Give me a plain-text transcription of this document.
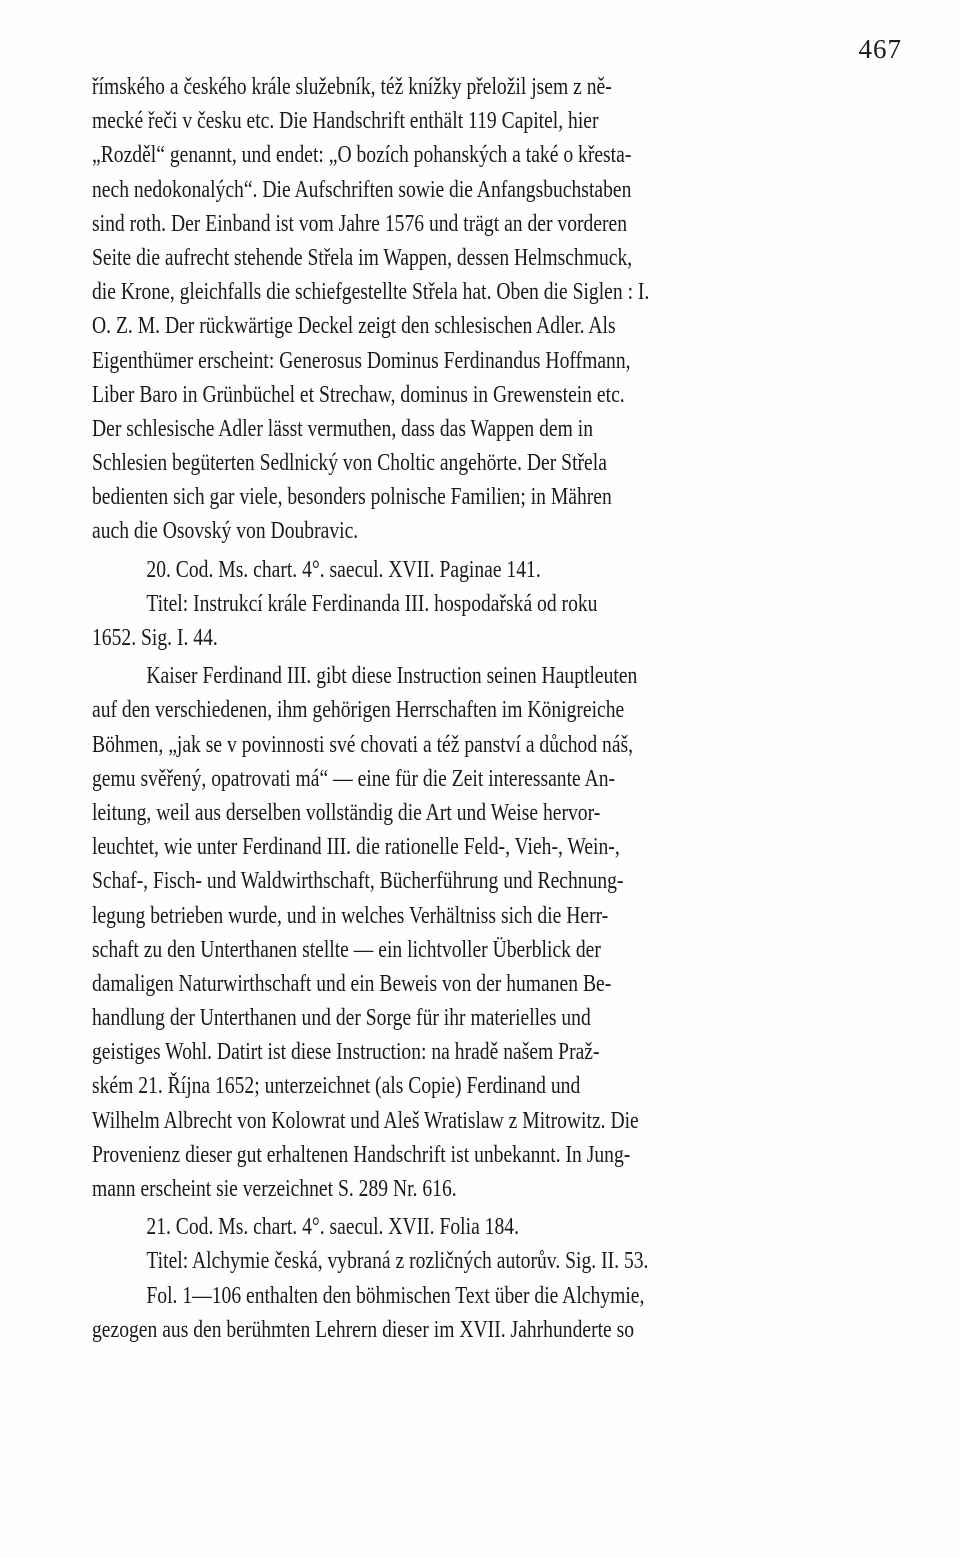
467
římského a českého krále služebník, též knížky přeložil jsem z ně-
mecké řeči v česku etc. Die Handschrift enthält 119 Capitel, hier
„Rozděl“ genannt, und endet: „O bozích pohanských a také o křesta-
nech nedokonalých“. Die Aufschriften sowie die Anfangsbuchstaben
sind roth. Der Einband ist vom Jahre 1576 und trägt an der vorderen
Seite die aufrecht stehende Střela im Wappen, dessen Helmschmuck,
die Krone, gleichfalls die schiefgestellte Střela hat. Oben die Siglen : I.
O. Z. M. Der rückwärtige Deckel zeigt den schlesischen Adler. Als
Eigenthümer erscheint: Generosus Dominus Ferdinandus Hoffmann,
Liber Baro in Grünbüchel et Strechaw, dominus in Grewenstein etc.
Der schlesische Adler lässt vermuthen, dass das Wappen dem in
Schlesien begüterten Sedlnický von Choltic angehörte. Der Střela
bedienten sich gar viele, besonders polnische Familien; in Mähren
auch die Osovský von Doubravic.
20. Cod. Ms. chart. 4°. saecul. XVII. Paginae 141.
Titel: Instrukcí krále Ferdinanda III. hospodařská od roku
1652. Sig. I. 44.
Kaiser Ferdinand III. gibt diese Instruction seinen Hauptleuten
auf den verschiedenen, ihm gehörigen Herrschaften im Königreiche
Böhmen, „jak se v povinnosti své chovati a též panství a důchod náš,
gemu svěřený, opatrovati má“ — eine für die Zeit interessante An-
leitung, weil aus derselben vollständig die Art und Weise hervor-
leuchtet, wie unter Ferdinand III. die rationelle Feld-, Vieh-, Wein-,
Schaf-, Fisch- und Waldwirthschaft, Bücherführung und Rechnung-
legung betrieben wurde, und in welches Verhältniss sich die Herr-
schaft zu den Unterthanen stellte — ein lichtvoller Überblick der
damaligen Naturwirthschaft und ein Beweis von der humanen Be-
handlung der Unterthanen und der Sorge für ihr materielles und
geistiges Wohl. Datirt ist diese Instruction: na hradě našem Praž-
ském 21. Října 1652; unterzeichnet (als Copie) Ferdinand und
Wilhelm Albrecht von Kolowrat und Aleš Wratislaw z Mitrowitz. Die
Provenienz dieser gut erhaltenen Handschrift ist unbekannt. In Jung-
mann erscheint sie verzeichnet S. 289 Nr. 616.
21. Cod. Ms. chart. 4°. saecul. XVII. Folia 184.
Titel: Alchymie česká, vybraná z rozličných autorův. Sig. II. 53.
Fol. 1—106 enthalten den böhmischen Text über die Alchymie,
gezogen aus den berühmten Lehrern dieser im XVII. Jahrhunderte so
